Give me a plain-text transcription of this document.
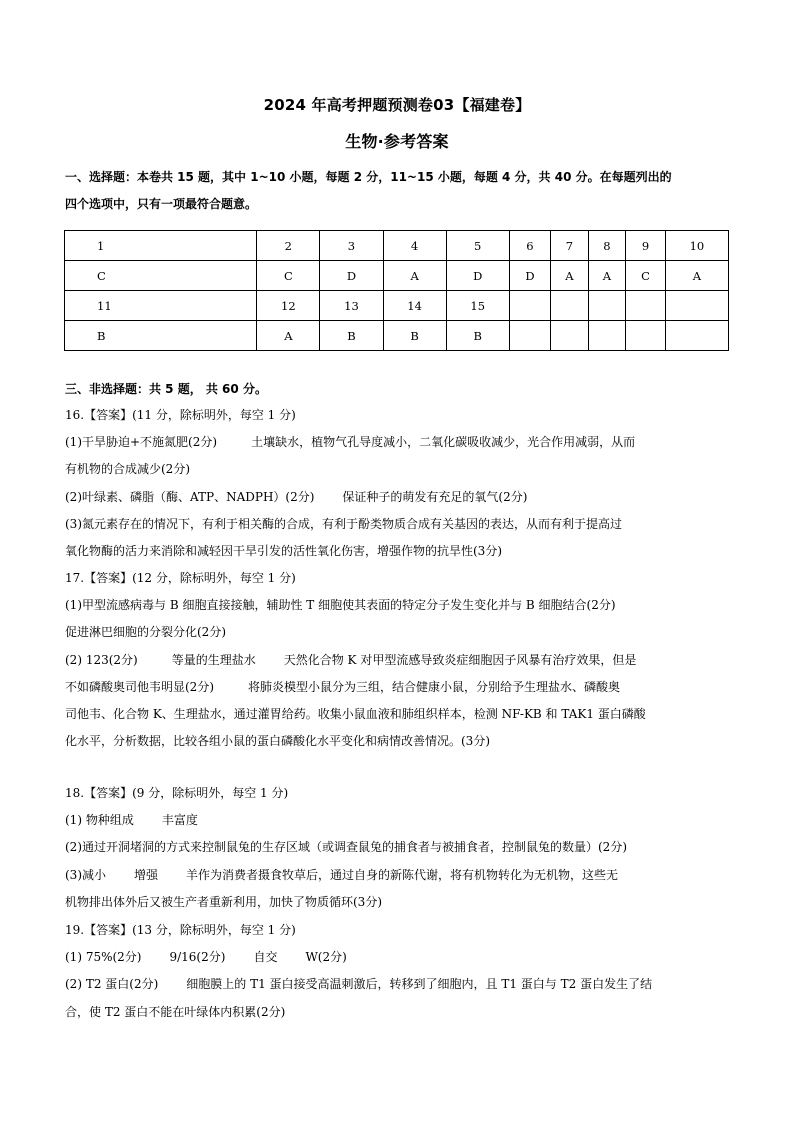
2024 年高考押题预测卷03【福建卷】
生物·参考答案
一、选择题：本卷共 15 题，其中 1~10 小题，每题 2 分，11~15 小题，每题 4 分，共 40 分。在每题列出的
四个选项中，只有一项最符合题意。
1	2	3	4	5	6	7	8	9	10
C	C	D	A	D	D	A	A	C	A
11	12	13	14	15					
B	A	B	B	B					
三、非选择题：共 5 题， 共 60 分。
16.【答案】(11 分，除标明外，每空 1 分)
(1)干旱胁迫+不施氮肥(2分)	土壤缺水，植物气孔导度减小，二氧化碳吸收减少，光合作用减弱，从而
有机物的合成减少(2分)
(2)叶绿素、磷脂（酶、ATP、NADPH）(2分) 保证种子的萌发有充足的氧气(2分)
(3)氮元素存在的情况下，有利于相关酶的合成，有利于酚类物质合成有关基因的表达，从而有利于提高过
氧化物酶的活力来消除和减轻因干旱引发的活性氧化伤害，增强作物的抗旱性(3分)
17.【答案】(12 分，除标明外，每空 1 分)
(1)甲型流感病毒与 B 细胞直接接触，辅助性 T 细胞使其表面的特定分子发生变化并与 B 细胞结合(2分)
促进淋巴细胞的分裂分化(2分)
(2) 123(2分)	等量的生理盐水 天然化合物 K 对甲型流感导致炎症细胞因子风暴有治疗效果，但是
不如磷酸奥司他韦明显(2分)	将肺炎模型小鼠分为三组，结合健康小鼠，分别给予生理盐水、磷酸奥
司他韦、化合物 K、生理盐水，通过灌胃给药。收集小鼠血液和肺组织样本，检测 NF-KB 和 TAK1 蛋白磷酸
化水平，分析数据，比较各组小鼠的蛋白磷酸化水平变化和病情改善情况。(3分)
18.【答案】(9 分，除标明外，每空 1 分)
(1) 物种组成 丰富度
(2)通过开洞堵洞的方式来控制鼠兔的生存区域（或调查鼠兔的捕食者与被捕食者，控制鼠兔的数量）(2分)
(3)减小 增强 羊作为消费者摄食牧草后，通过自身的新陈代谢，将有机物转化为无机物，这些无
机物排出体外后又被生产者重新利用，加快了物质循环(3分)
19.【答案】(13 分，除标明外，每空 1 分)
(1) 75%(2分) 9/16(2分) 自交 W(2分)
(2) T2 蛋白(2分) 细胞膜上的 T1 蛋白接受高温刺激后，转移到了细胞内，且 T1 蛋白与 T2 蛋白发生了结
合，使 T2 蛋白不能在叶绿体内积累(2分)
